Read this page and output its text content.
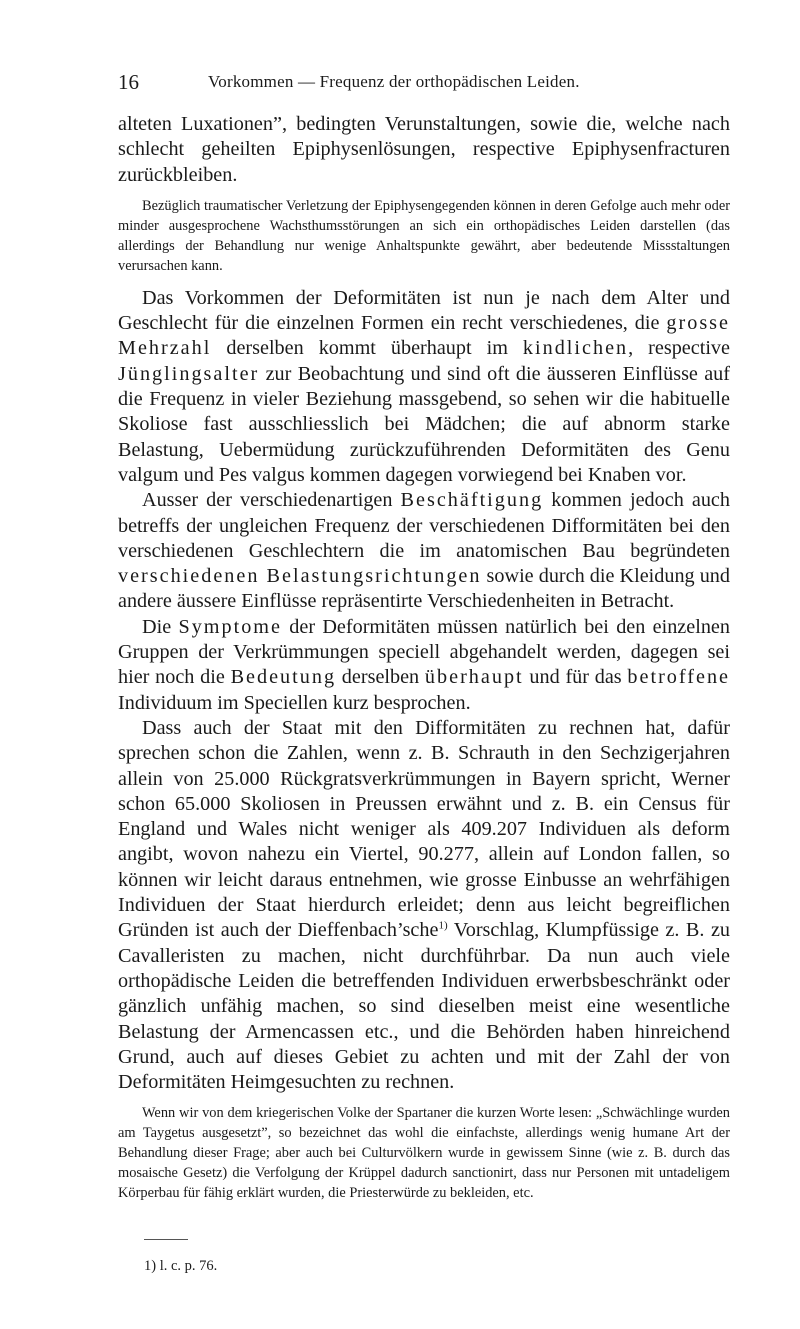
16	Vorkommen — Frequenz der orthopädischen Leiden.

alteten Luxationen”, bedingten Verunstaltungen, sowie die, welche nach schlecht geheilten Epiphysenlösungen, respective Epiphysenfracturen zurückbleiben.

Bezüglich traumatischer Verletzung der Epiphysengegenden können in deren Gefolge auch mehr oder minder ausgesprochene Wachsthumsstörungen an sich ein orthopädisches Leiden darstellen (das allerdings der Behandlung nur wenige Anhaltspunkte gewährt, aber bedeutende Missstaltungen verursachen kann.

Das Vorkommen der Deformitäten ist nun je nach dem Alter und Geschlecht für die einzelnen Formen ein recht verschiedenes, die grosse Mehrzahl derselben kommt überhaupt im kindlichen, respective Jünglingsalter zur Beobachtung und sind oft die äusseren Einflüsse auf die Frequenz in vieler Beziehung massgebend, so sehen wir die habituelle Skoliose fast ausschliesslich bei Mädchen; die auf abnorm starke Belastung, Uebermüdung zurückzuführenden Deformitäten des Genu valgum und Pes valgus kommen dagegen vorwiegend bei Knaben vor.

Ausser der verschiedenartigen Beschäftigung kommen jedoch auch betreffs der ungleichen Frequenz der verschiedenen Difformitäten bei den verschiedenen Geschlechtern die im anatomischen Bau begründeten verschiedenen Belastungsrichtungen sowie durch die Kleidung und andere äussere Einflüsse repräsentirte Verschiedenheiten in Betracht.

Die Symptome der Deformitäten müssen natürlich bei den einzelnen Gruppen der Verkrümmungen speciell abgehandelt werden, dagegen sei hier noch die Bedeutung derselben überhaupt und für das betroffene Individuum im Speciellen kurz besprochen.

Dass auch der Staat mit den Difformitäten zu rechnen hat, dafür sprechen schon die Zahlen, wenn z. B. Schrauth in den Sechzigerjahren allein von 25.000 Rückgratsverkrümmungen in Bayern spricht, Werner schon 65.000 Skoliosen in Preussen erwähnt und z. B. ein Census für England und Wales nicht weniger als 409.207 Individuen als deform angibt, wovon nahezu ein Viertel, 90.277, allein auf London fallen, so können wir leicht daraus entnehmen, wie grosse Einbusse an wehrfähigen Individuen der Staat hierdurch erleidet; denn aus leicht begreiflichen Gründen ist auch der Dieffenbach’sche$^{1)}$ Vorschlag, Klumpfüssige z. B. zu Cavalleristen zu machen, nicht durchführbar. Da nun auch viele orthopädische Leiden die betreffenden Individuen erwerbsbeschränkt oder gänzlich unfähig machen, so sind dieselben meist eine wesentliche Belastung der Armencassen etc., und die Behörden haben hinreichend Grund, auch auf dieses Gebiet zu achten und mit der Zahl der von Deformitäten Heimgesuchten zu rechnen.

Wenn wir von dem kriegerischen Volke der Spartaner die kurzen Worte lesen: „Schwächlinge wurden am Taygetus ausgesetzt”, so bezeichnet das wohl die einfachste, allerdings wenig humane Art der Behandlung dieser Frage; aber auch bei Culturvölkern wurde in gewissem Sinne (wie z. B. durch das mosaische Gesetz) die Verfolgung der Krüppel dadurch sanctionirt, dass nur Personen mit untadeligem Körperbau für fähig erklärt wurden, die Priesterwürde zu bekleiden, etc.

1) l. c. p. 76.
